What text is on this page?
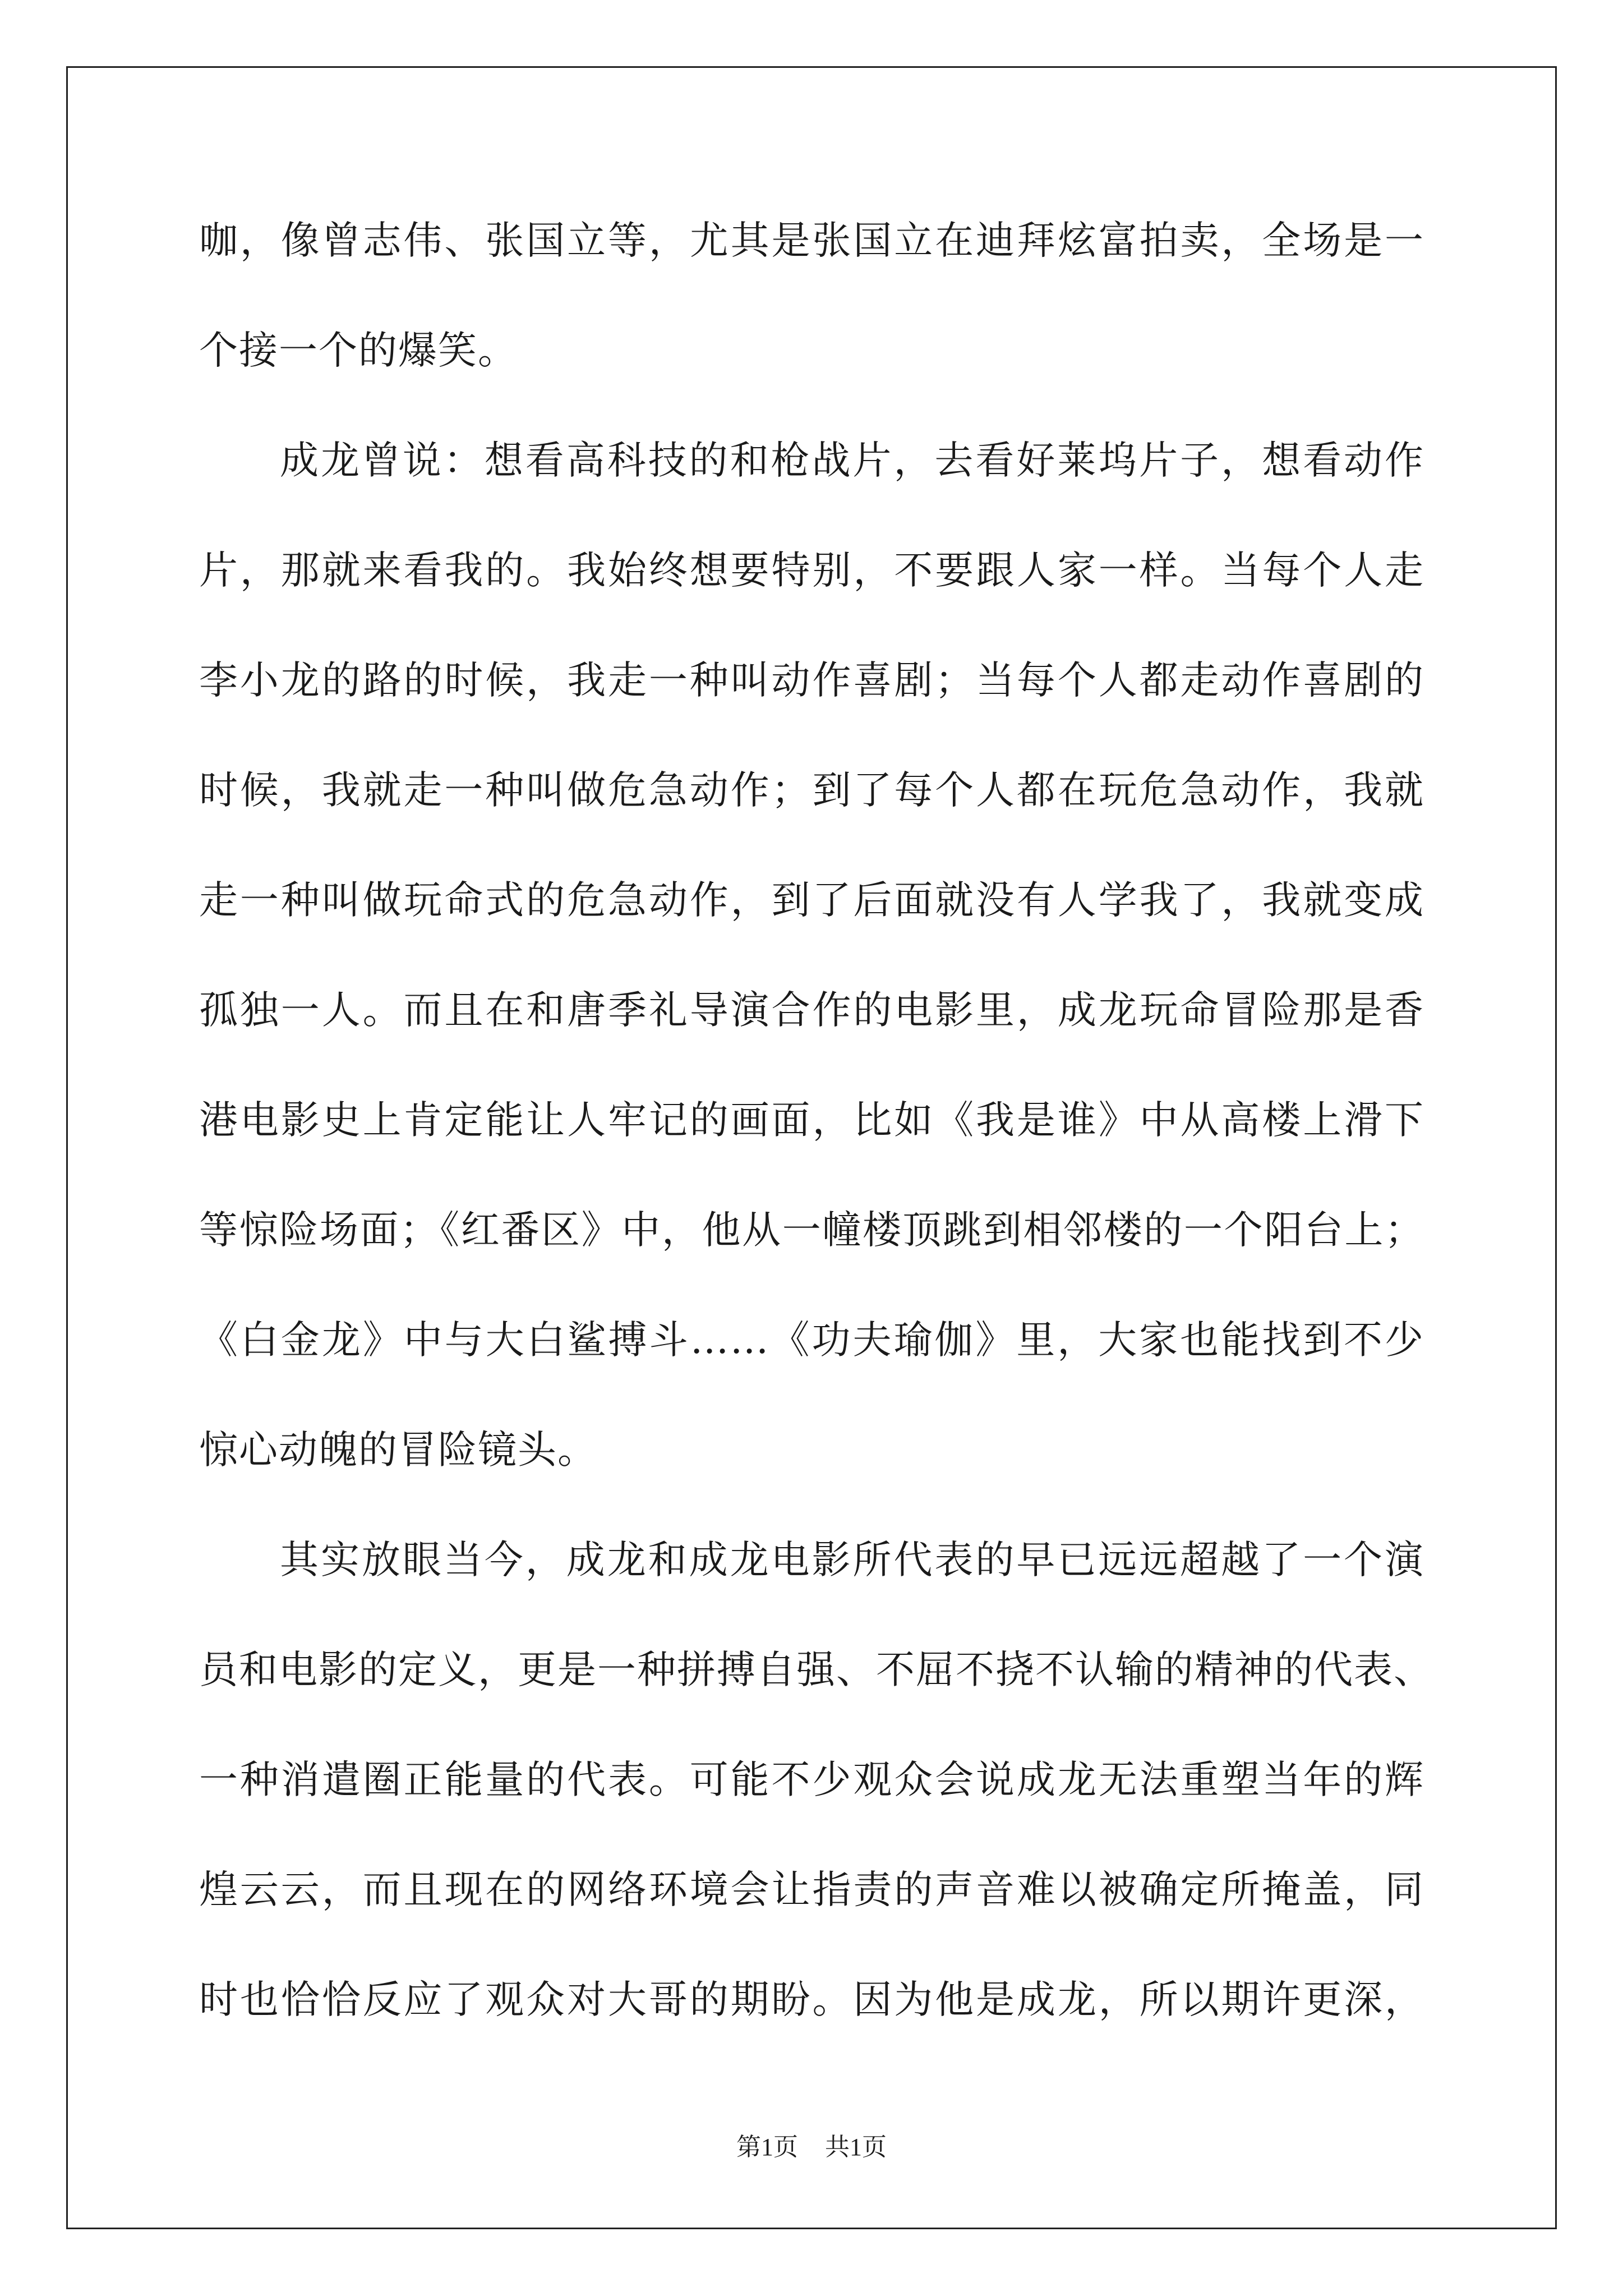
咖，像曾志伟、张国立等，尤其是张国立在迪拜炫富拍卖，全场是一
个接一个的爆笑。
成龙曾说：想看高科技的和枪战片，去看好莱坞片子，想看动作
片，那就来看我的。我始终想要特别，不要跟人家一样。当每个人走
李小龙的路的时候，我走一种叫动作喜剧；当每个人都走动作喜剧的
时候，我就走一种叫做危急动作；到了每个人都在玩危急动作，我就
走一种叫做玩命式的危急动作，到了后面就没有人学我了，我就变成
孤独一人。而且在和唐季礼导演合作的电影里，成龙玩命冒险那是香
港电影史上肯定能让人牢记的画面，比如《我是谁》中从高楼上滑下
等惊险场面；《红番区》中，他从一幢楼顶跳到相邻楼的一个阳台上；
《白金龙》中与大白鲨搏斗……《功夫瑜伽》里，大家也能找到不少
惊心动魄的冒险镜头。
其实放眼当今，成龙和成龙电影所代表的早已远远超越了一个演
员和电影的定义，更是一种拼搏自强、不屈不挠不认输的精神的代表、
一种消遣圈正能量的代表。可能不少观众会说成龙无法重塑当年的辉
煌云云，而且现在的网络环境会让指责的声音难以被确定所掩盖，同
时也恰恰反应了观众对大哥的期盼。因为他是成龙，所以期许更深，
第1页 共1页
